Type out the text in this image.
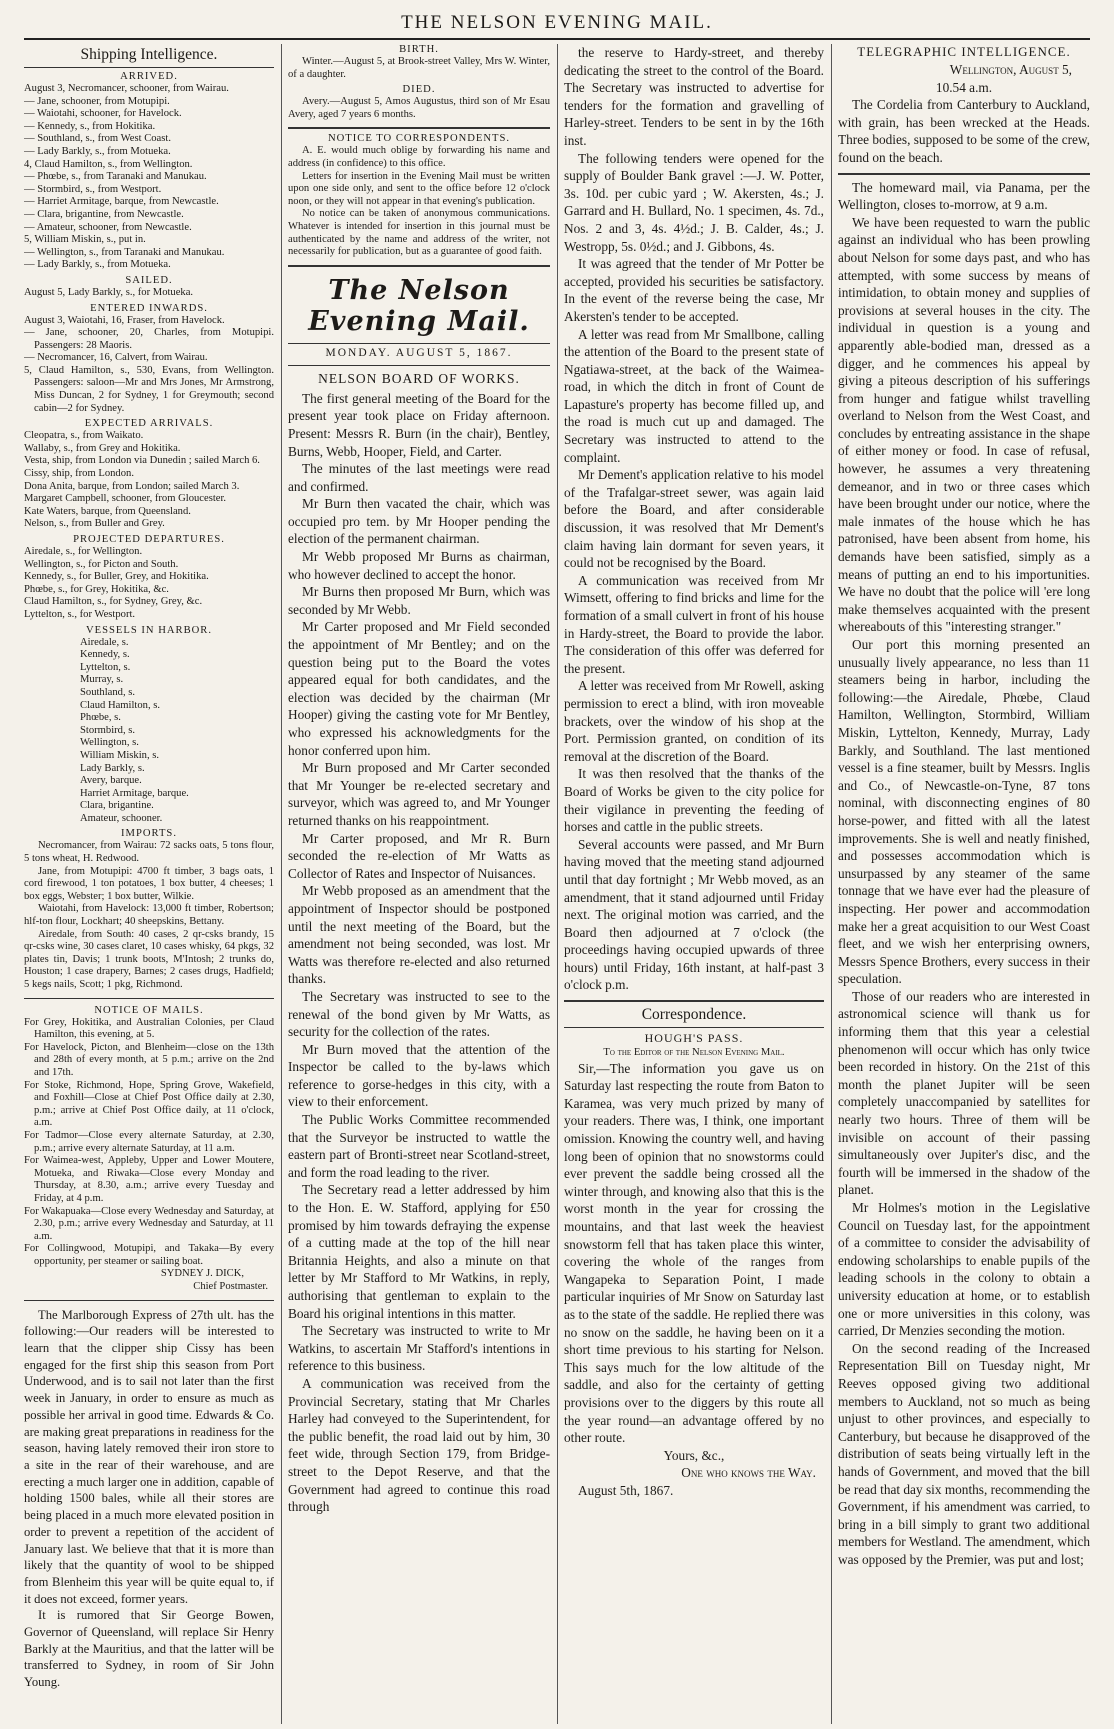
THE NELSON EVENING MAIL.
Shipping Intelligence.
ARRIVED.

August 3, Necromancer, schooner, from Wairau.

— Jane, schooner, from Motupipi.

— Waiotahi, schooner, for Havelock.

— Kennedy, s., from Hokitika.

— Southland, s., from West Coast.

— Lady Barkly, s., from Motueka.

4, Claud Hamilton, s., from Wellington.

— Phœbe, s., from Taranaki and Manukau.

— Stormbird, s., from Westport.

— Harriet Armitage, barque, from Newcastle.

— Clara, brigantine, from Newcastle.

— Amateur, schooner, from Newcastle.

5, William Miskin, s., put in.

— Wellington, s., from Taranaki and Manukau.

— Lady Barkly, s., from Motueka.

SAILED.

August 5, Lady Barkly, s., for Motueka.

ENTERED INWARDS.

August 3, Waiotahi, 16, Fraser, from Havelock.

— Jane, schooner, 20, Charles, from Motupipi. Passengers: 28 Maoris.

— Necromancer, 16, Calvert, from Wairau.

5, Claud Hamilton, s., 530, Evans, from Wellington. Passengers: saloon—Mr and Mrs Jones, Mr Armstrong, Miss Duncan, 2 for Sydney, 1 for Greymouth; second cabin—2 for Sydney.

EXPECTED ARRIVALS.

Cleopatra, s., from Waikato.

Wallaby, s., from Grey and Hokitika.

Vesta, ship, from London via Dunedin ; sailed March 6.

Cissy, ship, from London.

Dona Anita, barque, from London; sailed March 3.

Margaret Campbell, schooner, from Gloucester.

Kate Waters, barque, from Queensland.

Nelson, s., from Buller and Grey.

PROJECTED DEPARTURES.

Airedale, s., for Wellington.

Wellington, s., for Picton and South.

Kennedy, s., for Buller, Grey, and Hokitika.

Phœbe, s., for Grey, Hokitika, &c.

Claud Hamilton, s., for Sydney, Grey, &c.

Lyttelton, s., for Westport.

VESSELS IN HARBOR.

Airedale, s.

Kennedy, s.

Lyttelton, s.

Murray, s.

Southland, s.

Claud Hamilton, s.

Phœbe, s.

Stormbird, s.

Wellington, s.

William Miskin, s.

Lady Barkly, s.

Avery, barque.

Harriet Armitage, barque.

Clara, brigantine.

Amateur, schooner.

IMPORTS.

Necromancer, from Wairau: 72 sacks oats, 5 tons flour, 5 tons wheat, H. Redwood.

Jane, from Motupipi: 4700 ft timber, 3 bags oats, 1 cord firewood, 1 ton potatoes, 1 box butter, 4 cheeses; 1 box eggs, Webster; 1 box butter, Wilkie.

Waiotahi, from Havelock: 13,000 ft timber, Robertson; hlf-ton flour, Lockhart; 40 sheepskins, Bettany.

Airedale, from South: 40 cases, 2 qr-csks brandy, 15 qr-csks wine, 30 cases claret, 10 cases whisky, 64 pkgs, 32 plates tin, Davis; 1 trunk boots, M'Intosh; 2 trunks do, Houston; 1 case drapery, Barnes; 2 cases drugs, Hadfield; 5 kegs nails, Scott; 1 pkg, Richmond.

NOTICE OF MAILS.

For Grey, Hokitika, and Australian Colonies, per Claud Hamilton, this evening, at 5.

For Havelock, Picton, and Blenheim—close on the 13th and 28th of every month, at 5 p.m.; arrive on the 2nd and 17th.

For Stoke, Richmond, Hope, Spring Grove, Wakefield, and Foxhill—Close at Chief Post Office daily at 2.30, p.m.; arrive at Chief Post Office daily, at 11 o'clock, a.m.

For Tadmor—Close every alternate Saturday, at 2.30, p.m.; arrive every alternate Saturday, at 11 a.m.

For Waimea-west, Appleby, Upper and Lower Moutere, Motueka, and Riwaka—Close every Monday and Thursday, at 8.30, a.m.; arrive every Tuesday and Friday, at 4 p.m.

For Wakapuaka—Close every Wednesday and Saturday, at 2.30, p.m.; arrive every Wednesday and Saturday, at 11 a.m.

For Collingwood, Motupipi, and Takaka—By every opportunity, per steamer or sailing boat.

SYDNEY J. DICK,
Chief Postmaster.

The Marlborough Express of 27th ult. has the following:—Our readers will be interested to learn that the clipper ship Cissy has been engaged for the first ship this season from Port Underwood, and is to sail not later than the first week in January, in order to ensure as much as possible her arrival in good time. Edwards & Co. are making great preparations in readiness for the season, having lately removed their iron store to a site in the rear of their warehouse, and are erecting a much larger one in addition, capable of holding 1500 bales, while all their stores are being placed in a much more elevated position in order to prevent a repetition of the accident of January last. We believe that that it is more than likely that the quantity of wool to be shipped from Blenheim this year will be quite equal to, if it does not exceed, former years.

It is rumored that Sir George Bowen, Governor of Queensland, will replace Sir Henry Barkly at the Mauritius, and that the latter will be transferred to Sydney, in room of Sir John Young.

BIRTH.

Winter.—August 5, at Brook-street Valley, Mrs W. Winter, of a daughter.

DIED.

Avery.—August 5, Amos Augustus, third son of Mr Esau Avery, aged 7 years 6 months.

NOTICE TO CORRESPONDENTS.

A. E. would much oblige by forwarding his name and address (in confidence) to this office.

Letters for insertion in the Evening Mail must be written upon one side only, and sent to the office before 12 o'clock noon, or they will not appear in that evening's publication.

No notice can be taken of anonymous communications. Whatever is intended for insertion in this journal must be authenticated by the name and address of the writer, not necessarily for publication, but as a guarantee of good faith.

The Nelson Evening Mail.
MONDAY. AUGUST 5, 1867.
NELSON BOARD OF WORKS.

The first general meeting of the Board for the present year took place on Friday afternoon. Present: Messrs R. Burn (in the chair), Bentley, Burns, Webb, Hooper, Field, and Carter.

The minutes of the last meetings were read and confirmed.

Mr Burn then vacated the chair, which was occupied pro tem. by Mr Hooper pending the election of the permanent chairman.

Mr Webb proposed Mr Burns as chairman, who however declined to accept the honor.

Mr Burns then proposed Mr Burn, which was seconded by Mr Webb.

Mr Carter proposed and Mr Field seconded the appointment of Mr Bentley; and on the question being put to the Board the votes appeared equal for both candidates, and the election was decided by the chairman (Mr Hooper) giving the casting vote for Mr Bentley, who expressed his acknowledgments for the honor conferred upon him.

Mr Burn proposed and Mr Carter seconded that Mr Younger be re-elected secretary and surveyor, which was agreed to, and Mr Younger returned thanks on his reappointment.

Mr Carter proposed, and Mr R. Burn seconded the re-election of Mr Watts as Collector of Rates and Inspector of Nuisances.

Mr Webb proposed as an amendment that the appointment of Inspector should be postponed until the next meeting of the Board, but the amendment not being seconded, was lost. Mr Watts was therefore re-elected and also returned thanks.

The Secretary was instructed to see to the renewal of the bond given by Mr Watts, as security for the collection of the rates.

Mr Burn moved that the attention of the Inspector be called to the by-laws which reference to gorse-hedges in this city, with a view to their enforcement.

The Public Works Committee recommended that the Surveyor be instructed to wattle the eastern part of Bronti-street near Scotland-street, and form the road leading to the river.

The Secretary read a letter addressed by him to the Hon. E. W. Stafford, applying for £50 promised by him towards defraying the expense of a cutting made at the top of the hill near Britannia Heights, and also a minute on that letter by Mr Stafford to Mr Watkins, in reply, authorising that gentleman to explain to the Board his original intentions in this matter.

The Secretary was instructed to write to Mr Watkins, to ascertain Mr Stafford's intentions in reference to this business.

A communication was received from the Provincial Secretary, stating that Mr Charles Harley had conveyed to the Superintendent, for the public benefit, the road laid out by him, 30 feet wide, through Section 179, from Bridge-street to the Depot Reserve, and that the Government had agreed to continue this road through

the reserve to Hardy-street, and thereby dedicating the street to the control of the Board. The Secretary was instructed to advertise for tenders for the formation and gravelling of Harley-street. Tenders to be sent in by the 16th inst.

The following tenders were opened for the supply of Boulder Bank gravel :—J. W. Potter, 3s. 10d. per cubic yard ; W. Akersten, 4s.; J. Garrard and H. Bullard, No. 1 specimen, 4s. 7d., Nos. 2 and 3, 4s. 4½d.; J. B. Calder, 4s.; J. Westropp, 5s. 0½d.; and J. Gibbons, 4s.

It was agreed that the tender of Mr Potter be accepted, provided his securities be satisfactory. In the event of the reverse being the case, Mr Akersten's tender to be accepted.

A letter was read from Mr Smallbone, calling the attention of the Board to the present state of Ngatiawa-street, at the back of the Waimea-road, in which the ditch in front of Count de Lapasture's property has become filled up, and the road is much cut up and damaged. The Secretary was instructed to attend to the complaint.

Mr Dement's application relative to his model of the Trafalgar-street sewer, was again laid before the Board, and after considerable discussion, it was resolved that Mr Dement's claim having lain dormant for seven years, it could not be recognised by the Board.

A communication was received from Mr Wimsett, offering to find bricks and lime for the formation of a small culvert in front of his house in Hardy-street, the Board to provide the labor. The consideration of this offer was deferred for the present.

A letter was received from Mr Rowell, asking permission to erect a blind, with iron moveable brackets, over the window of his shop at the Port. Permission granted, on condition of its removal at the discretion of the Board.

It was then resolved that the thanks of the Board of Works be given to the city police for their vigilance in preventing the feeding of horses and cattle in the public streets.

Several accounts were passed, and Mr Burn having moved that the meeting stand adjourned until that day fortnight ; Mr Webb moved, as an amendment, that it stand adjourned until Friday next. The original motion was carried, and the Board then adjourned at 7 o'clock (the proceedings having occupied upwards of three hours) until Friday, 16th instant, at half-past 3 o'clock p.m.

Correspondence.
HOUGH'S PASS.

To the Editor of the Nelson Evening Mail.

Sir,—The information you gave us on Saturday last respecting the route from Baton to Karamea, was very much prized by many of your readers. There was, I think, one important omission. Knowing the country well, and having long been of opinion that no snowstorms could ever prevent the saddle being crossed all the winter through, and knowing also that this is the worst month in the year for crossing the mountains, and that last week the heaviest snowstorm fell that has taken place this winter, covering the whole of the ranges from Wangapeka to Separation Point, I made particular inquiries of Mr Snow on Saturday last as to the state of the saddle. He replied there was no snow on the saddle, he having been on it a short time previous to his starting for Nelson. This says much for the low altitude of the saddle, and also for the certainty of getting provisions over to the diggers by this route all the year round—an advantage offered by no other route.

Yours, &c.,

One who knows the Way.

August 5th, 1867.

TELEGRAPHIC INTELLIGENCE.

Wellington, August 5,

10.54 a.m.

The Cordelia from Canterbury to Auckland, with grain, has been wrecked at the Heads. Three bodies, supposed to be some of the crew, found on the beach.

The homeward mail, via Panama, per the Wellington, closes to-morrow, at 9 a.m.

We have been requested to warn the public against an individual who has been prowling about Nelson for some days past, and who has attempted, with some success by means of intimidation, to obtain money and supplies of provisions at several houses in the city. The individual in question is a young and apparently able-bodied man, dressed as a digger, and he commences his appeal by giving a piteous description of his sufferings from hunger and fatigue whilst travelling overland to Nelson from the West Coast, and concludes by entreating assistance in the shape of either money or food. In case of refusal, however, he assumes a very threatening demeanor, and in two or three cases which have been brought under our notice, where the male inmates of the house which he has patronised, have been absent from home, his demands have been satisfied, simply as a means of putting an end to his importunities. We have no doubt that the police will 'ere long make themselves acquainted with the present whereabouts of this "interesting stranger."

Our port this morning presented an unusually lively appearance, no less than 11 steamers being in harbor, including the following:—the Airedale, Phœbe, Claud Hamilton, Wellington, Stormbird, William Miskin, Lyttelton, Kennedy, Murray, Lady Barkly, and Southland. The last mentioned vessel is a fine steamer, built by Messrs. Inglis and Co., of Newcastle-on-Tyne, 87 tons nominal, with disconnecting engines of 80 horse-power, and fitted with all the latest improvements. She is well and neatly finished, and possesses accommodation which is unsurpassed by any steamer of the same tonnage that we have ever had the pleasure of inspecting. Her power and accommodation make her a great acquisition to our West Coast fleet, and we wish her enterprising owners, Messrs Spence Brothers, every success in their speculation.

Those of our readers who are interested in astronomical science will thank us for informing them that this year a celestial phenomenon will occur which has only twice been recorded in history. On the 21st of this month the planet Jupiter will be seen completely unaccompanied by satellites for nearly two hours. Three of them will be invisible on account of their passing simultaneously over Jupiter's disc, and the fourth will be immersed in the shadow of the planet.

Mr Holmes's motion in the Legislative Council on Tuesday last, for the appointment of a committee to consider the advisability of endowing scholarships to enable pupils of the leading schools in the colony to obtain a university education at home, or to establish one or more universities in this colony, was carried, Dr Menzies seconding the motion.

On the second reading of the Increased Representation Bill on Tuesday night, Mr Reeves opposed giving two additional members to Auckland, not so much as being unjust to other provinces, and especially to Canterbury, but because he disapproved of the distribution of seats being virtually left in the hands of Government, and moved that the bill be read that day six months, recommending the Government, if his amendment was carried, to bring in a bill simply to grant two additional members for Westland. The amendment, which was opposed by the Premier, was put and lost;
